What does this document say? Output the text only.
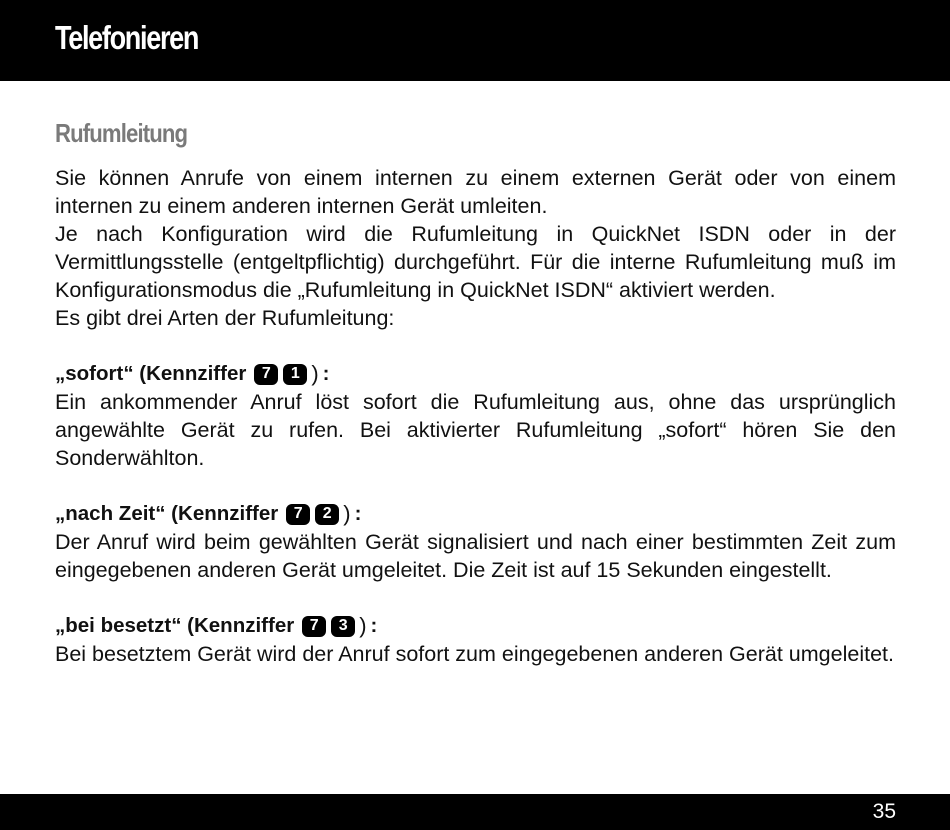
Telefonieren
Rufumleitung

Sie können Anrufe von einem internen zu einem externen Gerät oder von einem internen zu einem anderen internen Gerät umleiten.

Je nach Konfiguration wird die Rufumleitung in QuickNet ISDN oder in der Vermittlungsstelle (entgeltpflichtig) durchgeführt. Für die interne Rufumleitung muß im Konfigurationsmodus die „Rufumleitung in QuickNet ISDN“ aktiviert werden.

Es gibt drei Arten der Rufumleitung:

„sofort“ (Kennziffer 7	1 ) :

Ein ankommender Anruf löst sofort die Rufumleitung aus, ohne das ursprünglich angewählte Gerät zu rufen. Bei aktivierter Rufumleitung „sofort“ hören Sie den Sonderwählton.

„nach Zeit“ (Kennziffer 7	2 ) :

Der Anruf wird beim gewählten Gerät signalisiert und nach einer bestimmten Zeit zum eingegebenen anderen Gerät umgeleitet. Die Zeit ist auf 15 Sekunden eingestellt.

„bei besetzt“ (Kennziffer 7	3 ) :

Bei besetztem Gerät wird der Anruf sofort zum eingegebenen anderen Gerät umgeleitet.

35
